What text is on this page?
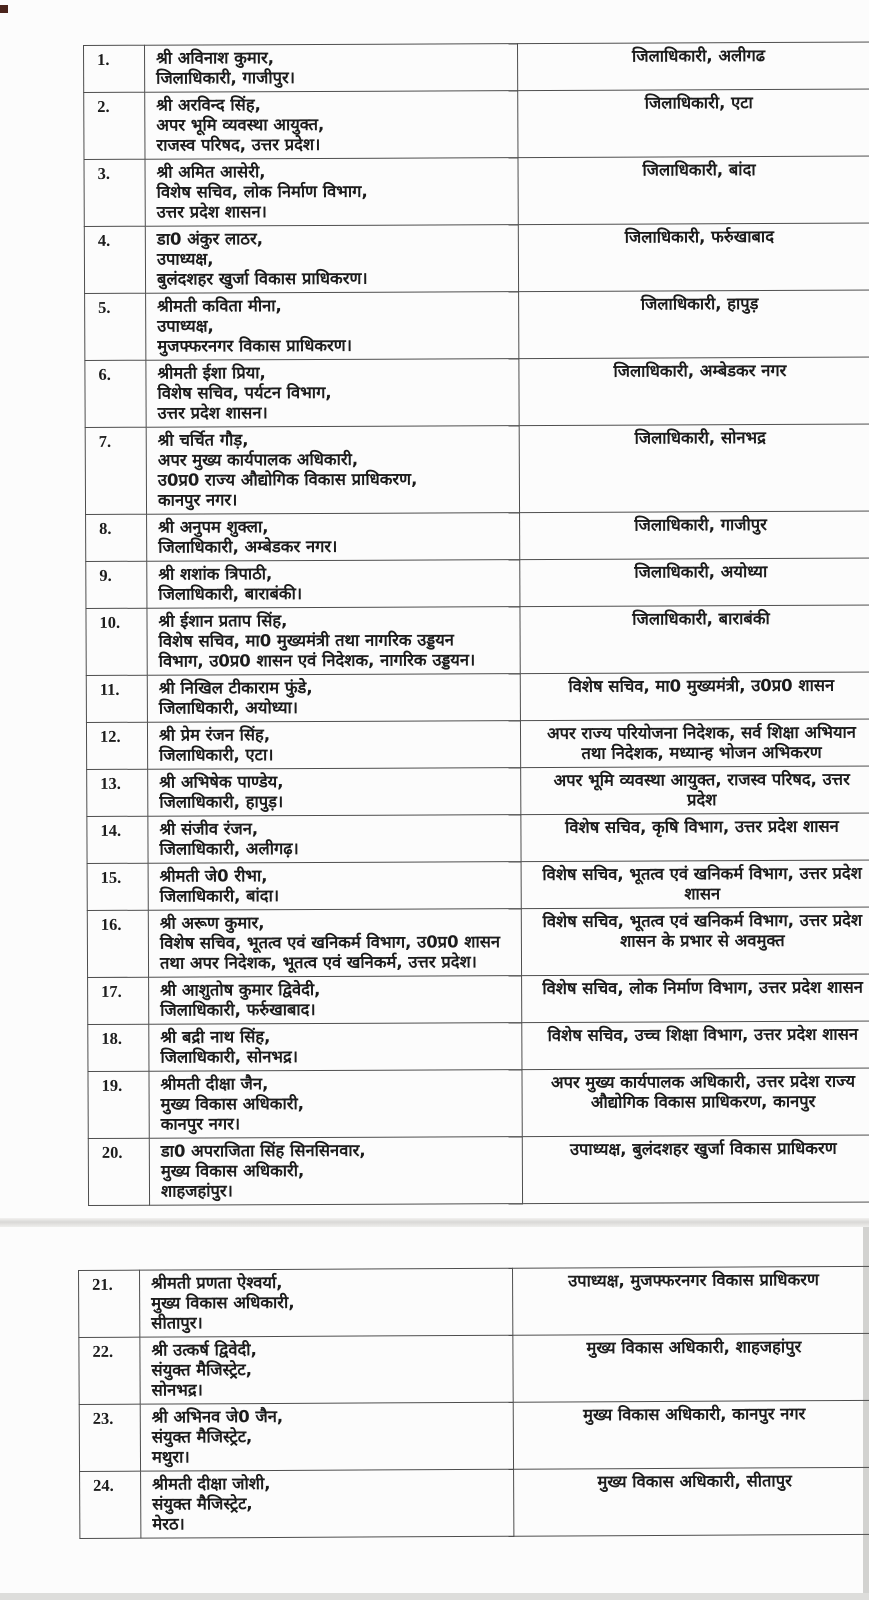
1.	श्री अविनाश कुमार,
जिलाधिकारी, गाजीपुर।	जिलाधिकारी, अलीगढ
2.	श्री अरविन्द सिंह,
अपर भूमि व्यवस्था आयुक्त,
राजस्व परिषद, उत्तर प्रदेश।	जिलाधिकारी, एटा
3.	श्री अमित आसेरी,
विशेष सचिव, लोक निर्माण विभाग,
उत्तर प्रदेश शासन।	जिलाधिकारी, बांदा
4.	डा0 अंकुर लाठर,
उपाध्यक्ष,
बुलंदशहर खुर्जा विकास प्राधिकरण।	जिलाधिकारी, फर्रुखाबाद
5.	श्रीमती कविता मीना,
उपाध्यक्ष,
मुजफ्फरनगर विकास प्राधिकरण।	जिलाधिकारी, हापुड़
6.	श्रीमती ईशा प्रिया,
विशेष सचिव, पर्यटन विभाग,
उत्तर प्रदेश शासन।	जिलाधिकारी, अम्बेडकर नगर
7.	श्री चर्चित गौड़,
अपर मुख्य कार्यपालक अधिकारी,
उ0प्र0 राज्य औद्योगिक विकास प्राधिकरण,
कानपुर नगर।	जिलाधिकारी, सोनभद्र
8.	श्री अनुपम शुक्ला,
जिलाधिकारी, अम्बेडकर नगर।	जिलाधिकारी, गाजीपुर
9.	श्री शशांक त्रिपाठी,
जिलाधिकारी, बाराबंकी।	जिलाधिकारी, अयोध्या
10.	श्री ईशान प्रताप सिंह,
विशेष सचिव, मा0 मुख्यमंत्री तथा नागरिक उड्डयन
विभाग, उ0प्र0 शासन एवं निदेशक, नागरिक उड्डयन।	जिलाधिकारी, बाराबंकी
11.	श्री निखिल टीकाराम फुंडे,
जिलाधिकारी, अयोध्या।	विशेष सचिव, मा0 मुख्यमंत्री, उ0प्र0 शासन
12.	श्री प्रेम रंजन सिंह,
जिलाधिकारी, एटा।	अपर राज्य परियोजना निदेशक, सर्व शिक्षा अभियान तथा निदेशक, मध्यान्ह भोजन अभिकरण
13.	श्री अभिषेक पाण्डेय,
जिलाधिकारी, हापुड़।	अपर भूमि व्यवस्था आयुक्त, राजस्व परिषद, उत्तर प्रदेश
14.	श्री संजीव रंजन,
जिलाधिकारी, अलीगढ़।	विशेष सचिव, कृषि विभाग, उत्तर प्रदेश शासन
15.	श्रीमती जे0 रीभा,
जिलाधिकारी, बांदा।	विशेष सचिव, भूतत्व एवं खनिकर्म विभाग, उत्तर प्रदेश शासन
16.	श्री अरूण कुमार,
विशेष सचिव, भूतत्व एवं खनिकर्म विभाग, उ0प्र0 शासन
तथा अपर निदेशक, भूतत्व एवं खनिकर्म, उत्तर प्रदेश।	विशेष सचिव, भूतत्व एवं खनिकर्म विभाग, उत्तर प्रदेश शासन के प्रभार से अवमुक्त
17.	श्री आशुतोष कुमार द्विवेदी,
जिलाधिकारी, फर्रुखाबाद।	विशेष सचिव, लोक निर्माण विभाग, उत्तर प्रदेश शासन
18.	श्री बद्री नाथ सिंह,
जिलाधिकारी, सोनभद्र।	विशेष सचिव, उच्च शिक्षा विभाग, उत्तर प्रदेश शासन
19.	श्रीमती दीक्षा जैन,
मुख्य विकास अधिकारी,
कानपुर नगर।	अपर मुख्य कार्यपालक अधिकारी, उत्तर प्रदेश राज्य औद्योगिक विकास प्राधिकरण, कानपुर
20.	डा0 अपराजिता सिंह सिनसिनवार,
मुख्य विकास अधिकारी,
शाहजहांपुर।	उपाध्यक्ष, बुलंदशहर खुर्जा विकास प्राधिकरण
21.	श्रीमती प्रणता ऐश्वर्या,
मुख्य विकास अधिकारी,
सीतापुर।	उपाध्यक्ष, मुजफ्फरनगर विकास प्राधिकरण
22.	श्री उत्कर्ष द्विवेदी,
संयुक्त मैजिस्ट्रेट,
सोनभद्र।	मुख्य विकास अधिकारी, शाहजहांपुर
23.	श्री अभिनव जे0 जैन,
संयुक्त मैजिस्ट्रेट,
मथुरा।	मुख्य विकास अधिकारी, कानपुर नगर
24.	श्रीमती दीक्षा जोशी,
संयुक्त मैजिस्ट्रेट,
मेरठ।	मुख्य विकास अधिकारी, सीतापुर
